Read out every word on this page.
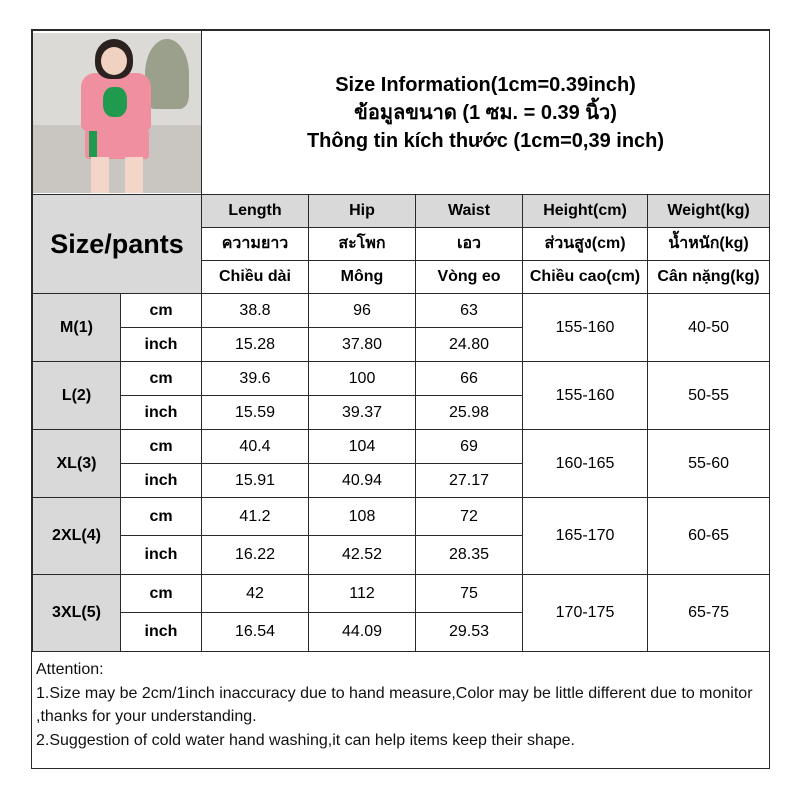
		Size Information(1cm=0.39inch)
ข้อมูลขนาด (1 ซม. = 0.39 นิ้ว)
Thông tin kích thước (1cm=0,39 inch)				

Size/pants		Length	Hip	Waist	Height(cm)	Weight(kg)
		ความยาว	สะโพก	เอว	ส่วนสูง(cm)	น้ำหนัก(kg)
		Chiều dài	Mông	Vòng eo	Chiều cao(cm)	Cân nặng(kg)
M(1)	cm	38.8	96	63	155-160	40-50
	inch	15.28	37.80	24.80		
L(2)	cm	39.6	100	66	155-160	50-55
	inch	15.59	39.37	25.98		
XL(3)	cm	40.4	104	69	160-165	55-60
	inch	15.91	40.94	27.17		
2XL(4)	cm	41.2	108	72	165-170	60-65
	inch	16.22	42.52	28.35		
3XL(5)	cm	42	112	75	170-175	65-75
	inch	16.54	44.09	29.53		

Attention:

1.Size may be 2cm/1inch inaccuracy due to hand measure,Color may be little different due to monitor ,thanks for your understanding.

2.Suggestion of cold water hand washing,it can help items keep their shape.
